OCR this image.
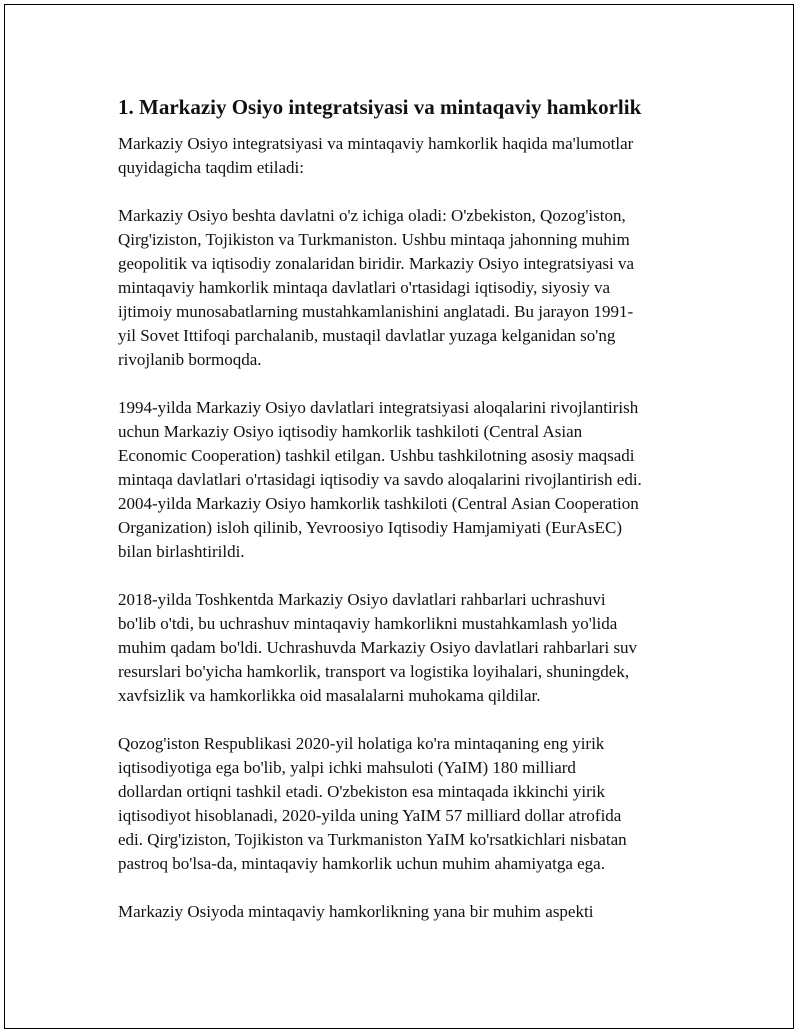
1. Markaziy Osiyo integratsiyasi va mintaqaviy hamkorlik
Markaziy Osiyo integratsiyasi va mintaqaviy hamkorlik haqida ma'lumotlar
quyidagicha taqdim etiladi:
Markaziy Osiyo beshta davlatni o'z ichiga oladi: O'zbekiston, Qozog'iston,
Qirg'iziston, Tojikiston va Turkmaniston. Ushbu mintaqa jahonning muhim
geopolitik va iqtisodiy zonalaridan biridir. Markaziy Osiyo integratsiyasi va
mintaqaviy hamkorlik mintaqa davlatlari o'rtasidagi iqtisodiy, siyosiy va
ijtimoiy munosabatlarning mustahkamlanishini anglatadi. Bu jarayon 1991-
yil Sovet Ittifoqi parchalanib, mustaqil davlatlar yuzaga kelganidan so'ng
rivojlanib bormoqda.
1994-yilda Markaziy Osiyo davlatlari integratsiyasi aloqalarini rivojlantirish
uchun Markaziy Osiyo iqtisodiy hamkorlik tashkiloti (Central Asian
Economic Cooperation) tashkil etilgan. Ushbu tashkilotning asosiy maqsadi
mintaqa davlatlari o'rtasidagi iqtisodiy va savdo aloqalarini rivojlantirish edi.
2004-yilda Markaziy Osiyo hamkorlik tashkiloti (Central Asian Cooperation
Organization) isloh qilinib, Yevroosiyo Iqtisodiy Hamjamiyati (EurAsEC)
bilan birlashtirildi.
2018-yilda Toshkentda Markaziy Osiyo davlatlari rahbarlari uchrashuvi
bo'lib o'tdi, bu uchrashuv mintaqaviy hamkorlikni mustahkamlash yo'lida
muhim qadam bo'ldi. Uchrashuvda Markaziy Osiyo davlatlari rahbarlari suv
resurslari bo'yicha hamkorlik, transport va logistika loyihalari, shuningdek,
xavfsizlik va hamkorlikka oid masalalarni muhokama qildilar.
Qozog'iston Respublikasi 2020-yil holatiga ko'ra mintaqaning eng yirik
iqtisodiyotiga ega bo'lib, yalpi ichki mahsuloti (YaIM) 180 milliard
dollardan ortiqni tashkil etadi. O'zbekiston esa mintaqada ikkinchi yirik
iqtisodiyot hisoblanadi, 2020-yilda uning YaIM 57 milliard dollar atrofida
edi. Qirg'iziston, Tojikiston va Turkmaniston YaIM ko'rsatkichlari nisbatan
pastroq bo'lsa-da, mintaqaviy hamkorlik uchun muhim ahamiyatga ega.
Markaziy Osiyoda mintaqaviy hamkorlikning yana bir muhim aspekti
